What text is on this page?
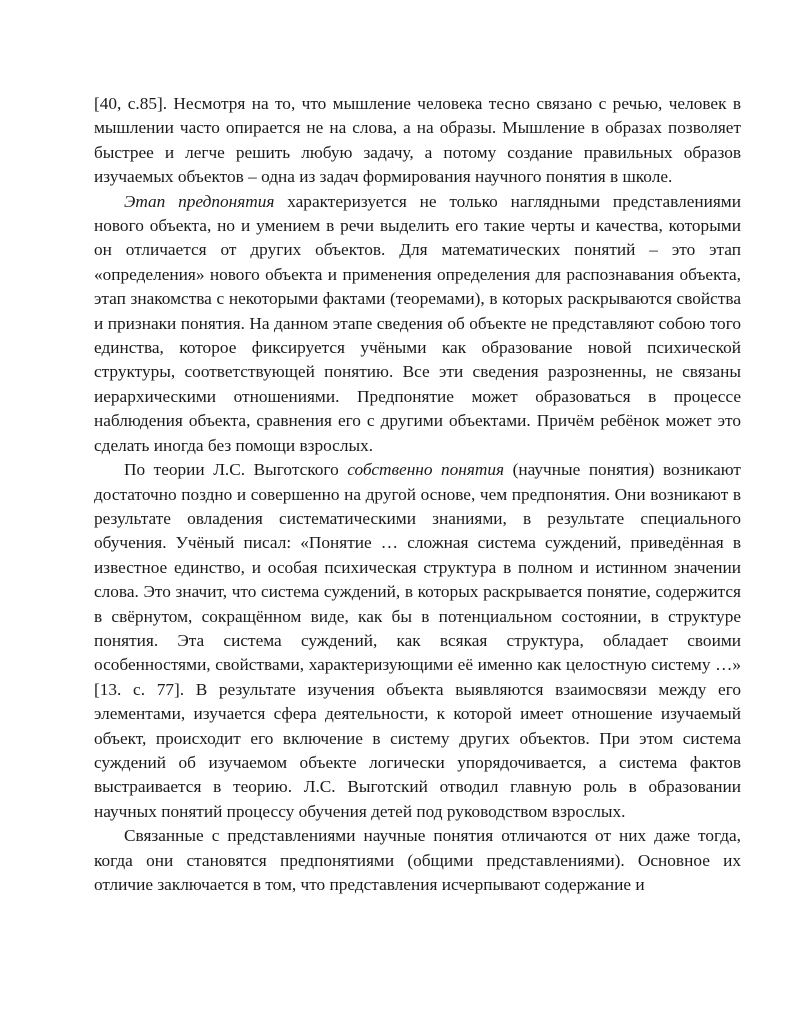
[40, с.85]. Несмотря на то, что мышление человека тесно связано с речью, человек в мышлении часто опирается не на слова, а на образы. Мышление в образах позволяет быстрее и легче решить любую задачу, а потому создание правильных образов изучаемых объектов – одна из задач формирования научного понятия в школе.

Этап предпонятия характеризуется не только наглядными представлениями нового объекта, но и умением в речи выделить его такие черты и качества, которыми он отличается от других объектов. Для математических понятий – это этап «определения» нового объекта и применения определения для распознавания объекта, этап знакомства с некоторыми фактами (теоремами), в которых раскрываются свойства и признаки понятия. На данном этапе сведения об объекте не представляют собою того единства, которое фиксируется учёными как образование новой психической структуры, соответствующей понятию. Все эти сведения разрозненны, не связаны иерархическими отношениями. Предпонятие может образоваться в процессе наблюдения объекта, сравнения его с другими объектами. Причём ребёнок может это сделать иногда без помощи взрослых.

По теории Л.С. Выготского собственно понятия (научные понятия) возникают достаточно поздно и совершенно на другой основе, чем предпонятия. Они возникают в результате овладения систематическими знаниями, в результате специального обучения. Учёный писал: «Понятие … сложная система суждений, приведённая в известное единство, и особая психическая структура в полном и истинном значении слова. Это значит, что система суждений, в которых раскрывается понятие, содержится в свёрнутом, сокращённом виде, как бы в потенциальном состоянии, в структуре понятия. Эта система суждений, как всякая структура, обладает своими особенностями, свойствами, характеризующими её именно как целостную систему …» [13. с. 77]. В результате изучения объекта выявляются взаимосвязи между его элементами, изучается сфера деятельности, к которой имеет отношение изучаемый объект, происходит его включение в систему других объектов. При этом система суждений об изучаемом объекте логически упорядочивается, а система фактов выстраивается в теорию. Л.С. Выготский отводил главную роль в образовании научных понятий процессу обучения детей под руководством взрослых.

Связанные с представлениями научные понятия отличаются от них даже тогда, когда они становятся предпонятиями (общими представлениями). Основное их отличие заключается в том, что представления исчерпывают содержание и
